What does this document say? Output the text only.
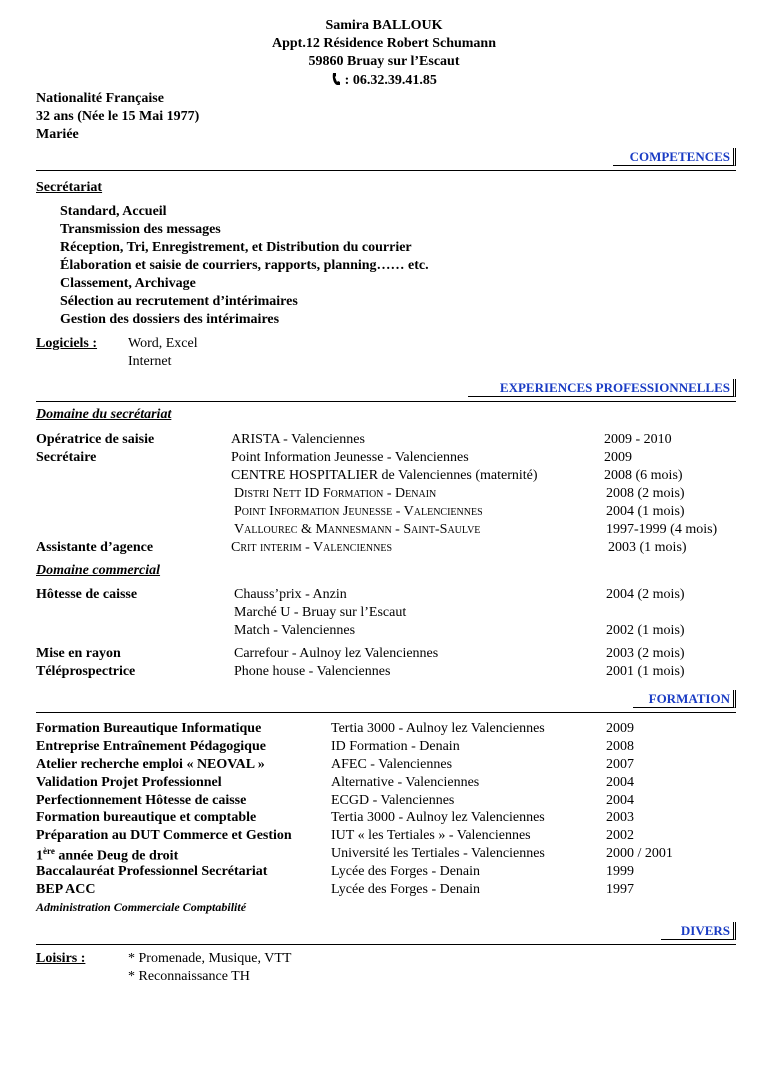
Samira BALLOUK
Appt.12 Résidence Robert Schumann
59860 Bruay sur l’Escaut
: 06.32.39.41.85
Nationalité Française
32 ans (Née le 15 Mai 1977)
Mariée
COMPETENCES
Secrétariat
Standard, Accueil
Transmission des messages
Réception, Tri, Enregistrement, et Distribution du courrier
Élaboration et saisie de courriers, rapports, planning…… etc.
Classement, Archivage
Sélection au recrutement d’intérimaires
Gestion des dossiers des intérimaires
Logiciels : Word, Excel
Internet
EXPERIENCES PROFESSIONNELLES
Domaine du secrétariat
Opératrice de saisie	ARISTA - Valenciennes	2009 - 2010
Secrétaire	Point Information Jeunesse - Valenciennes	2009
CENTRE HOSPITALIER de Valenciennes (maternité)	2008 (6 mois)
Distri Nett ID Formation - Denain	2008 (2 mois)
Point Information Jeunesse - Valenciennes	2004 (1 mois)
Vallourec & Mannesmann - Saint-Saulve	1997-1999 (4 mois)
Assistante d’agence	Crit interim - Valenciennes	2003 (1 mois)
Domaine commercial
Hôtesse de caisse	Chauss’prix - Anzin	2004 (2 mois)
Marché U - Bruay sur l’Escaut
Match - Valenciennes	2002 (1 mois)
Mise en rayon	Carrefour - Aulnoy lez Valenciennes	2003 (2 mois)
Téléprospectrice	Phone house - Valenciennes	2001 (1 mois)
FORMATION
Formation Bureautique Informatique	Tertia 3000 - Aulnoy lez Valenciennes	2009
Entreprise Entraînement Pédagogique	ID Formation - Denain	2008
Atelier recherche emploi « NEOVAL »	AFEC - Valenciennes	2007
Validation Projet Professionnel	Alternative - Valenciennes	2004
Perfectionnement Hôtesse de caisse	ECGD - Valenciennes	2004
Formation bureautique et comptable	Tertia 3000 - Aulnoy lez Valenciennes	2003
Préparation au DUT Commerce et Gestion	IUT « les Tertiales » - Valenciennes	2002
1ère année Deug de droit	Université les Tertiales - Valenciennes	2000 / 2001
Baccalauréat Professionnel Secrétariat	Lycée des Forges - Denain	1999
BEP ACC	Lycée des Forges - Denain	1997
Administration Commerciale Comptabilité
DIVERS
Loisirs :	* Promenade, Musique, VTT
* Reconnaissance TH
